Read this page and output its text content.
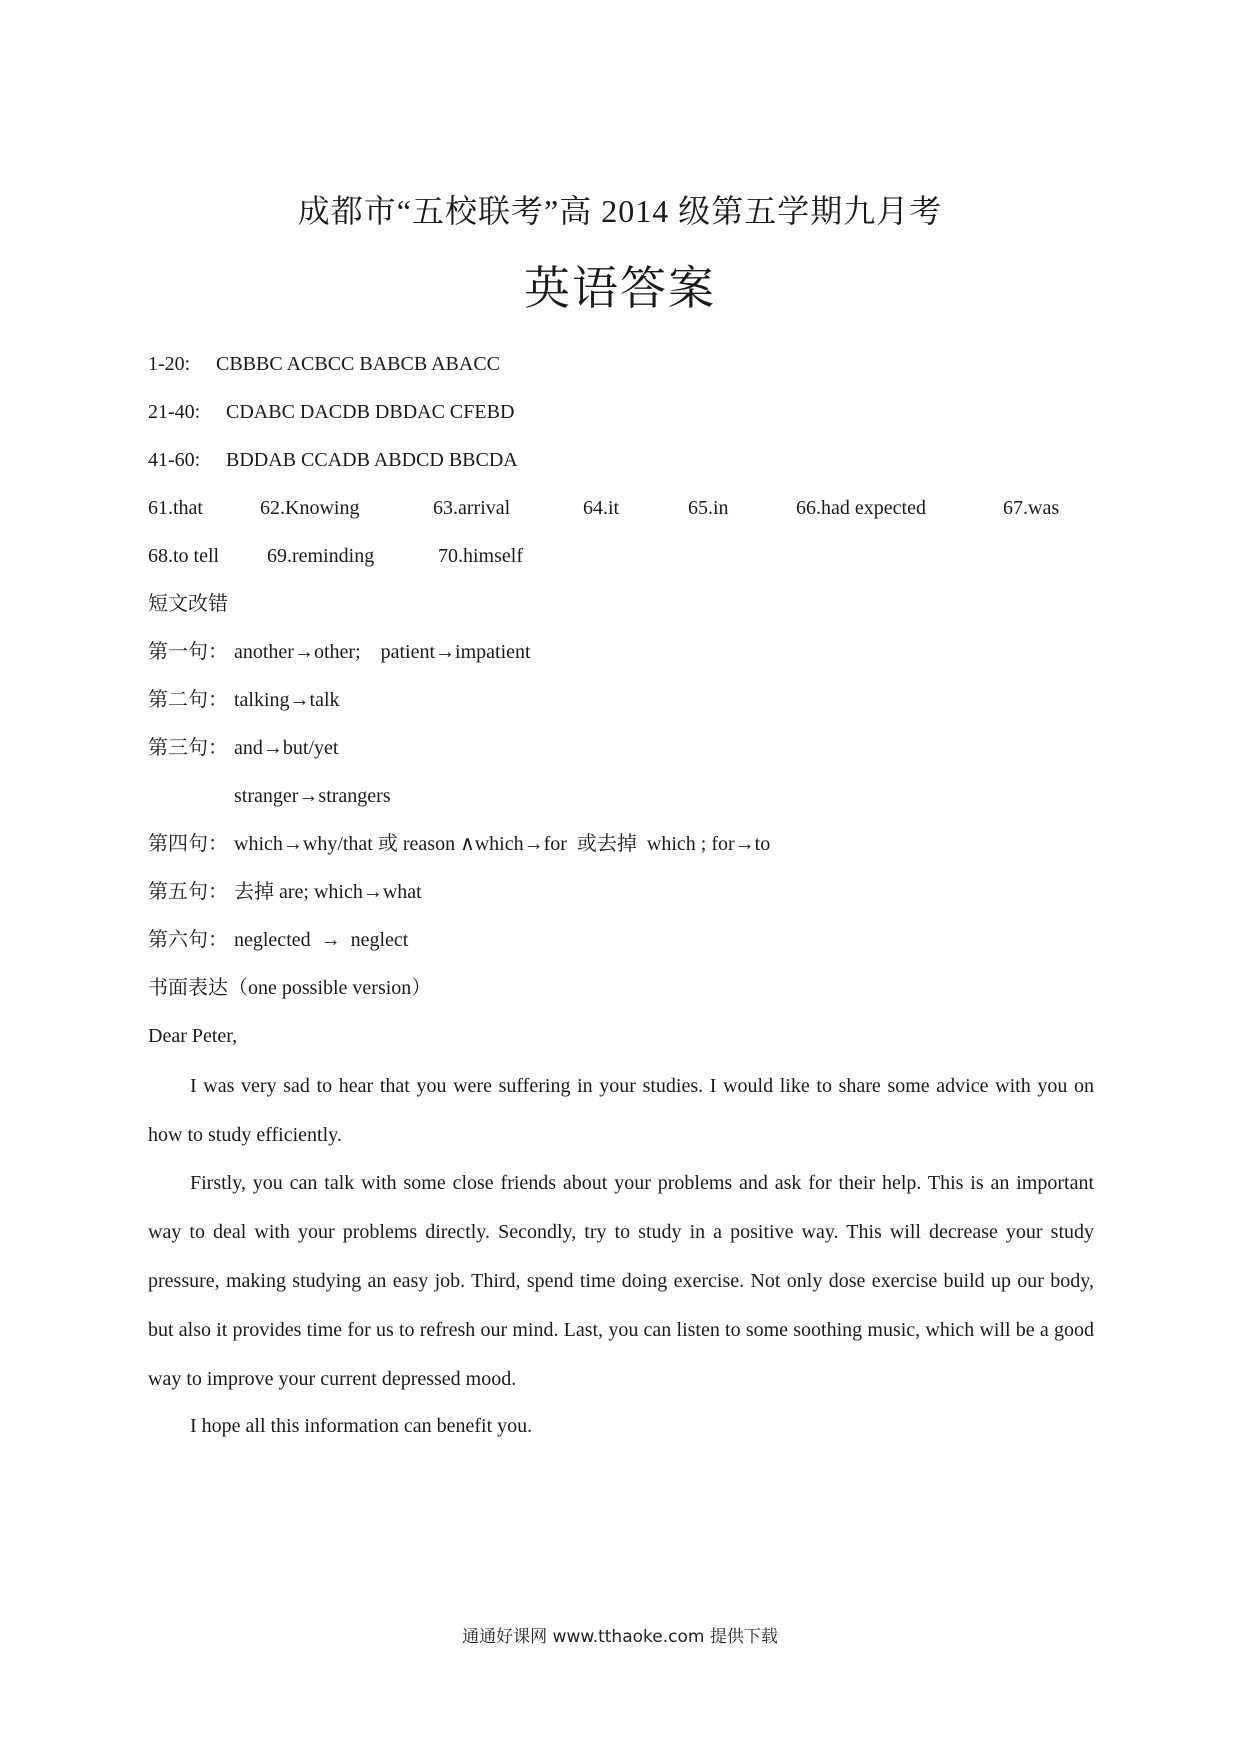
成都市“五校联考”高 2014 级第五学期九月考
英语答案
1-20: CBBBC ACBCC BABCB ABACC
21-40: CDABC DACDB DBDAC CFEBD
41-60: BDDAB CCADB ABDCD BBCDA
61.that	62.Knowing	63.arrival	64.it	65.in	66.had expected	67.was
68.to tell 69.reminding	70.himself
短文改错
第一句： another→other;    patient→impatient
第二句： talking→talk
第三句： and→but/yet
stranger→strangers
第四句： which→why/that 或 reason ∧which→for  或去掉  which ; for→to
第五句： 去掉 are; which→what
第六句： neglected  →  neglect
书面表达（one possible version）
Dear Peter,
I was very sad to hear that you were suffering in your studies. I would like to share some advice with you on how to study efficiently.
Firstly, you can talk with some close friends about your problems and ask for their help. This is an important way to deal with your problems directly. Secondly, try to study in a positive way. This will decrease your study pressure, making studying an easy job. Third, spend time doing exercise. Not only dose exercise build up our body, but also it provides time for us to refresh our mind. Last, you can listen to some soothing music, which will be a good way to improve your current depressed mood.
I hope all this information can benefit you.
通通好课网 www.tthaoke.com 提供下载
